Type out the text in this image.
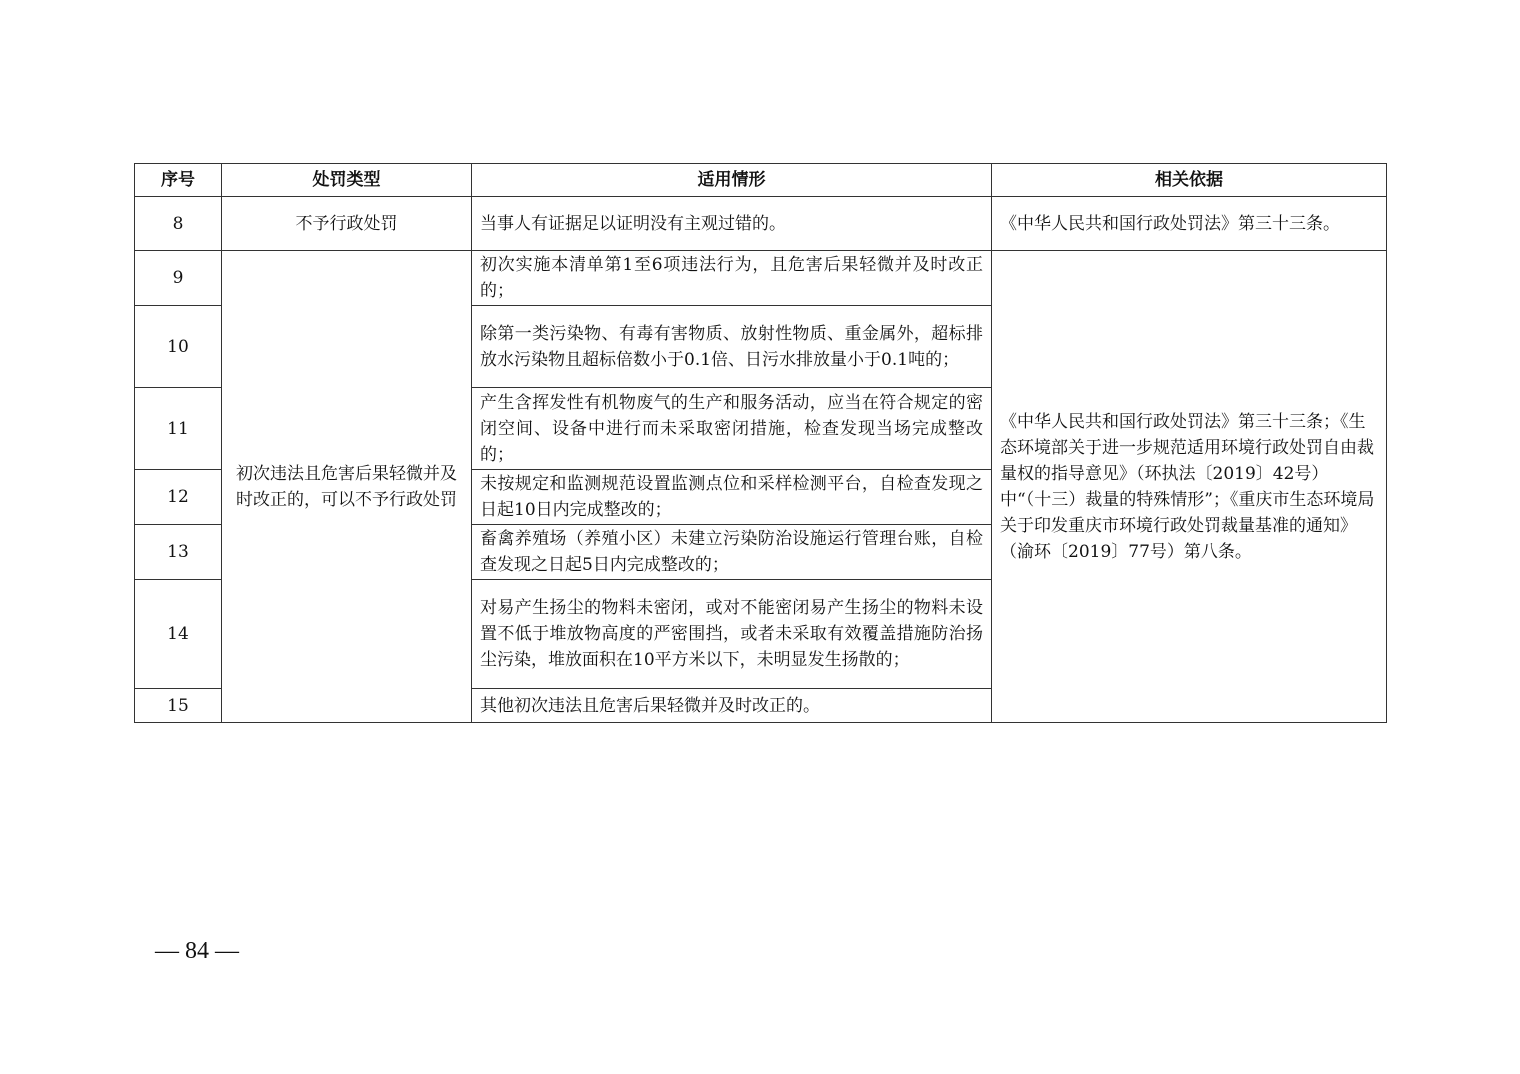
序号	处罚类型	适用情形	相关依据
8	不予行政处罚	当事人有证据足以证明没有主观过错的。	《中华人民共和国行政处罚法》第三十三条。
9	初次违法且危害后果轻微并及时改正的，可以不予行政处罚	初次实施本清单第1至6项违法行为，且危害后果轻微并及时改正的；	《中华人民共和国行政处罚法》第三十三条；《生态环境部关于进一步规范适用环境行政处罚自由裁量权的指导意见》（环执法〔2019〕42号）中“（十三）裁量的特殊情形”；《重庆市生态环境局关于印发重庆市环境行政处罚裁量基准的通知》（渝环〔2019〕77号）第八条。
10		除第一类污染物、有毒有害物质、放射性物质、重金属外，超标排放水污染物且超标倍数小于0.1倍、日污水排放量小于0.1吨的；	
11		产生含挥发性有机物废气的生产和服务活动，应当在符合规定的密闭空间、设备中进行而未采取密闭措施，检查发现当场完成整改的；	
12		未按规定和监测规范设置监测点位和采样检测平台，自检查发现之日起10日内完成整改的；	
13		畜禽养殖场（养殖小区）未建立污染防治设施运行管理台账，自检查发现之日起5日内完成整改的；	
14		对易产生扬尘的物料未密闭，或对不能密闭易产生扬尘的物料未设置不低于堆放物高度的严密围挡，或者未采取有效覆盖措施防治扬尘污染，堆放面积在10平方米以下，未明显发生扬散的；	
15		其他初次违法且危害后果轻微并及时改正的。	
— 84 —
